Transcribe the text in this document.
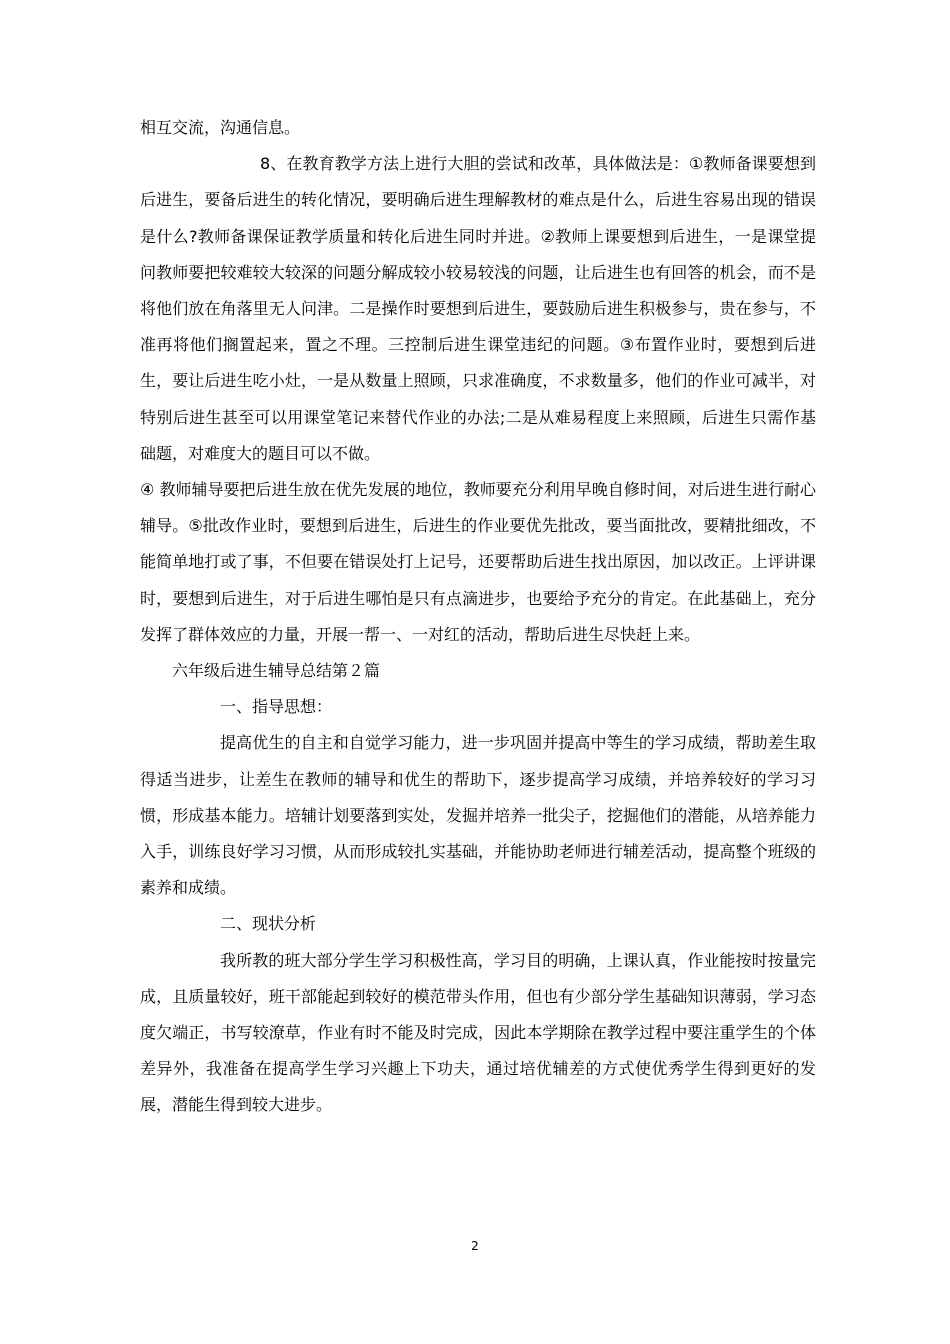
相互交流，沟通信息。

8、在教育教学方法上进行大胆的尝试和改革，具体做法是：①教师备课要想到后进生，要备后进生的转化情况，要明确后进生理解教材的难点是什么，后进生容易出现的错误是什么?教师备课保证教学质量和转化后进生同时并进。②教师上课要想到后进生，一是课堂提问教师要把较难较大较深的问题分解成较小较易较浅的问题，让后进生也有回答的机会，而不是将他们放在角落里无人问津。二是操作时要想到后进生，要鼓励后进生积极参与，贵在参与，不准再将他们搁置起来，置之不理。三控制后进生课堂违纪的问题。③布置作业时，要想到后进生，要让后进生吃小灶，一是从数量上照顾，只求准确度，不求数量多，他们的作业可减半，对特别后进生甚至可以用课堂笔记来替代作业的办法;二是从难易程度上来照顾，后进生只需作基础题，对难度大的题目可以不做。

④ 教师辅导要把后进生放在优先发展的地位，教师要充分利用早晚自修时间，对后进生进行耐心辅导。⑤批改作业时，要想到后进生，后进生的作业要优先批改，要当面批改，要精批细改，不能简单地打或了事，不但要在错误处打上记号，还要帮助后进生找出原因，加以改正。上评讲课时，要想到后进生，对于后进生哪怕是只有点滴进步，也要给予充分的肯定。在此基础上，充分发挥了群体效应的力量，开展一帮一、一对红的活动，帮助后进生尽快赶上来。

六年级后进生辅导总结第２篇

一、指导思想：

提高优生的自主和自觉学习能力，进一步巩固并提高中等生的学习成绩，帮助差生取得适当进步，让差生在教师的辅导和优生的帮助下，逐步提高学习成绩，并培养较好的学习习惯，形成基本能力。培辅计划要落到实处，发掘并培养一批尖子，挖掘他们的潜能，从培养能力入手，训练良好学习习惯，从而形成较扎实基础，并能协助老师进行辅差活动，提高整个班级的素养和成绩。

二、现状分析

我所教的班大部分学生学习积极性高，学习目的明确，上课认真，作业能按时按量完成，且质量较好，班干部能起到较好的模范带头作用，但也有少部分学生基础知识薄弱，学习态度欠端正，书写较潦草，作业有时不能及时完成，因此本学期除在教学过程中要注重学生的个体差异外，我准备在提高学生学习兴趣上下功夫，通过培优辅差的方式使优秀学生得到更好的发展，潜能生得到较大进步。

2
